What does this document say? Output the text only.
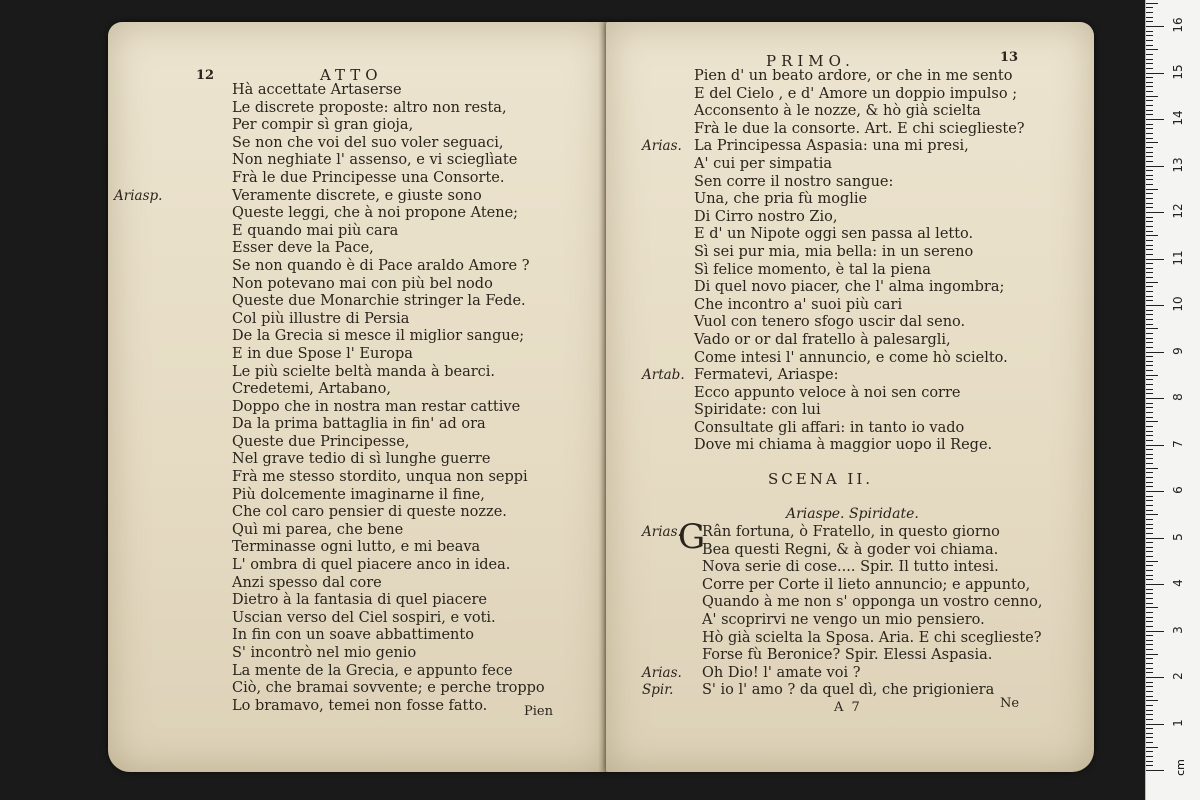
12	ATTO
Hà accettate Artaserse
Le discrete proposte: altro non resta,
Per compir sì gran gioja,
Se non che voi del suo voler seguaci,
Non neghiate l' assenso, e vi scieglìate
Frà le due Principesse una Consorte.
Ariasp.	Veramente discrete, e giuste sono
Queste leggi, che à noi propone Atene;
E quando mai più cara
Esser deve la Pace,
Se non quando è di Pace araldo Amore ?
Non potevano mai con più bel nodo
Queste due Monarchie stringer la Fede.
Col più illustre di Persia
De la Grecia si mesce il miglior sangue;
E in due Spose l' Europa
Le più scielte beltà manda à bearci.
Credetemi, Artabano,
Doppo che in nostra man restar cattive
Da la prima battaglia in fin' ad ora
Queste due Principesse,
Nel grave tedio di sì lunghe guerre
Frà me stesso stordito, unqua non seppi
Più dolcemente imaginarne il fine,
Che col caro pensier di queste nozze.
Quì mi parea, che bene
Terminasse ogni lutto, e mi beava
L' ombra di quel piacere anco in idea.
Anzi spesso dal core
Dietro à la fantasia di quel piacere
Uscian verso del Ciel sospiri, e voti.
In fin con un soave abbattimento
S' incontrò nel mio genio
La mente de la Grecia, e appunto fece
Ciò, che bramai sovvente; e perche troppo
Lo bramavo, temei non fosse fatto.	Pien
PRIMO.	13
Pien d' un beato ardore, or che in me sento
E del Cielo , e d' Amore un doppio impulso ;
Acconsento à le nozze, & hò già scielta
Frà le due la consorte. Art. E chi scieglieste?
Arias. La Principessa Aspasia: una mi presi,
A' cui per simpatia
Sen corre il nostro sangue:
Una, che pria fù moglie
Di Cirro nostro Zio,
E d' un Nipote oggi sen passa al letto.
Sì sei pur mia, mia bella: in un sereno
Sì felice momento, è tal la piena
Di quel novo piacer, che l' alma ingombra;
Che incontro a' suoi più cari
Vuol con tenero sfogo uscir dal seno.
Vado or or dal fratello à palesargli,
Come intesi l' annuncio, e come hò scielto.
Artab. Fermatevi, Ariaspe:
Ecco appunto veloce à noi sen corre
Spiridate: con lui
Consultate gli affari: in tanto io vado
Dove mi chiama à maggior uopo il Rege.
SCENA II.
Ariaspe. Spiridate.
Arias.
G
Rân fortuna, ò Fratello, in questo giorno
Bea questi Regni, & à goder voi chiama.
Nova serie di cose.... Spir. Il tutto intesi.
Corre per Corte il lieto annuncio; e appunto,
Quando à me non s' opponga un vostro cenno,
A' scoprirvi ne vengo un mio pensiero.
Hò già scielta la Sposa. Aria. E chi sceglieste?
Forse fù Beronice? Spir. Elessi Aspasia.
Arias. Oh Dio! l' amate voi ?
Spir. S' io l' amo ? da quel dì, che prigioniera
A 7	Ne
cm
1
2
3
4
5
6
7
8
9
10
11
12
13
14
15
16
